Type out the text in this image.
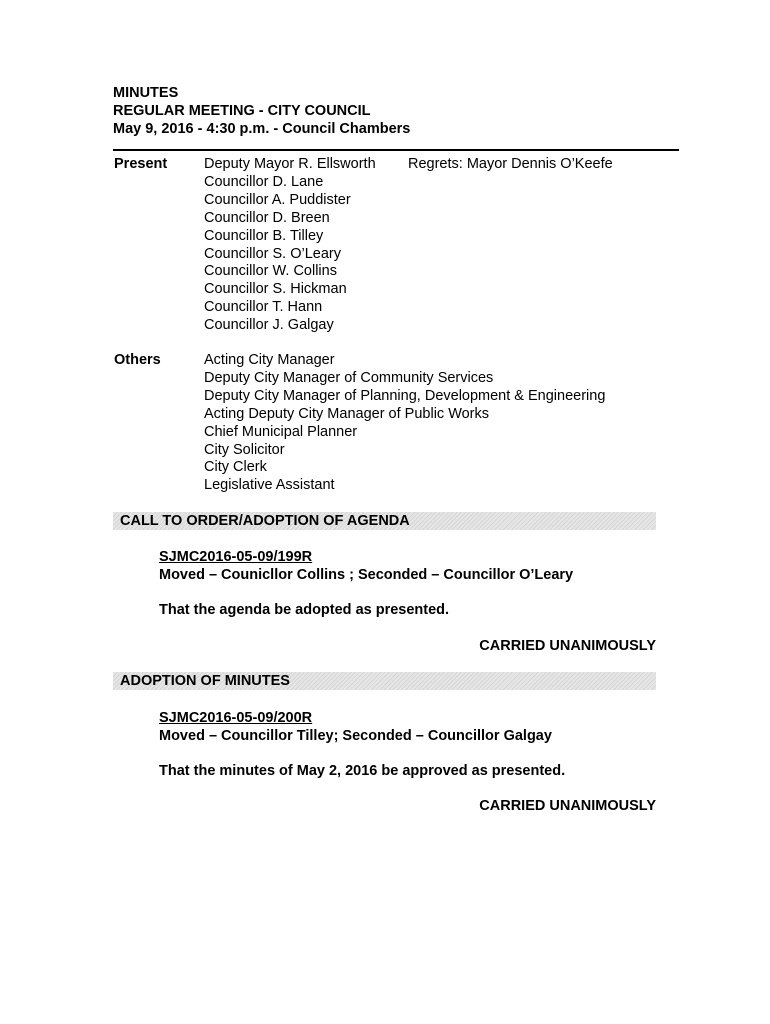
MINUTES
REGULAR MEETING - CITY COUNCIL
May 9, 2016 - 4:30 p.m. - Council Chambers
Present	Deputy Mayor R. Ellsworth
Councillor D. Lane
Councillor A. Puddister
Councillor D. Breen
Councillor B. Tilley
Councillor S. O’Leary
Councillor W. Collins
Councillor S. Hickman
Councillor T. Hann
Councillor J. Galgay
Regrets: Mayor Dennis O’Keefe
Others	Acting City Manager
Deputy City Manager of Community Services
Deputy City Manager of Planning, Development & Engineering
Acting Deputy City Manager of Public Works
Chief Municipal Planner
City Solicitor
City Clerk
Legislative Assistant
CALL TO ORDER/ADOPTION OF AGENDA
SJMC2016-05-09/199R
Moved – Counicllor Collins ; Seconded – Councillor O’Leary
That the agenda be adopted as presented.
CARRIED UNANIMOUSLY
ADOPTION OF MINUTES
SJMC2016-05-09/200R
Moved – Councillor Tilley; Seconded – Councillor Galgay
That the minutes of May 2, 2016 be approved as presented.
CARRIED UNANIMOUSLY
